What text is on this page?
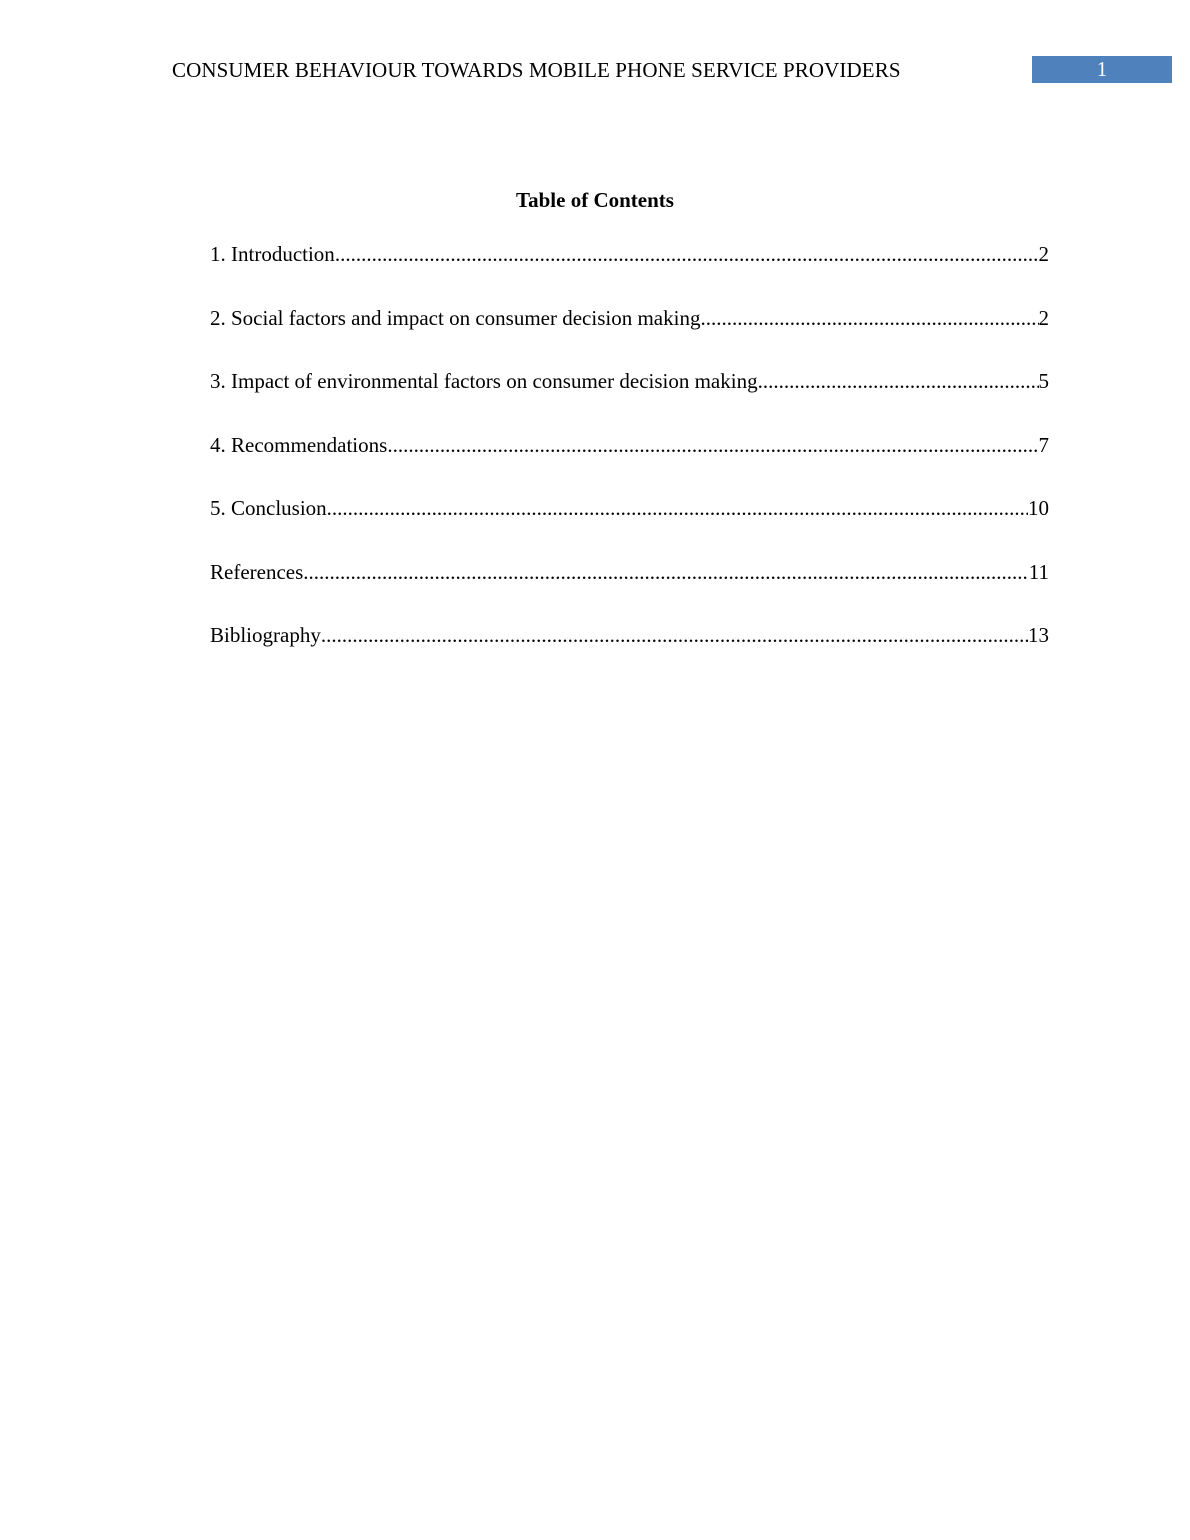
CONSUMER BEHAVIOUR TOWARDS MOBILE PHONE SERVICE PROVIDERS	1
Table of Contents
1. Introduction .....	2
2. Social factors and impact on consumer decision making .....	2
3. Impact of environmental factors on consumer decision making .....	5
4. Recommendations .....	7
5. Conclusion .....	10
References .....	11
Bibliography .....	13
